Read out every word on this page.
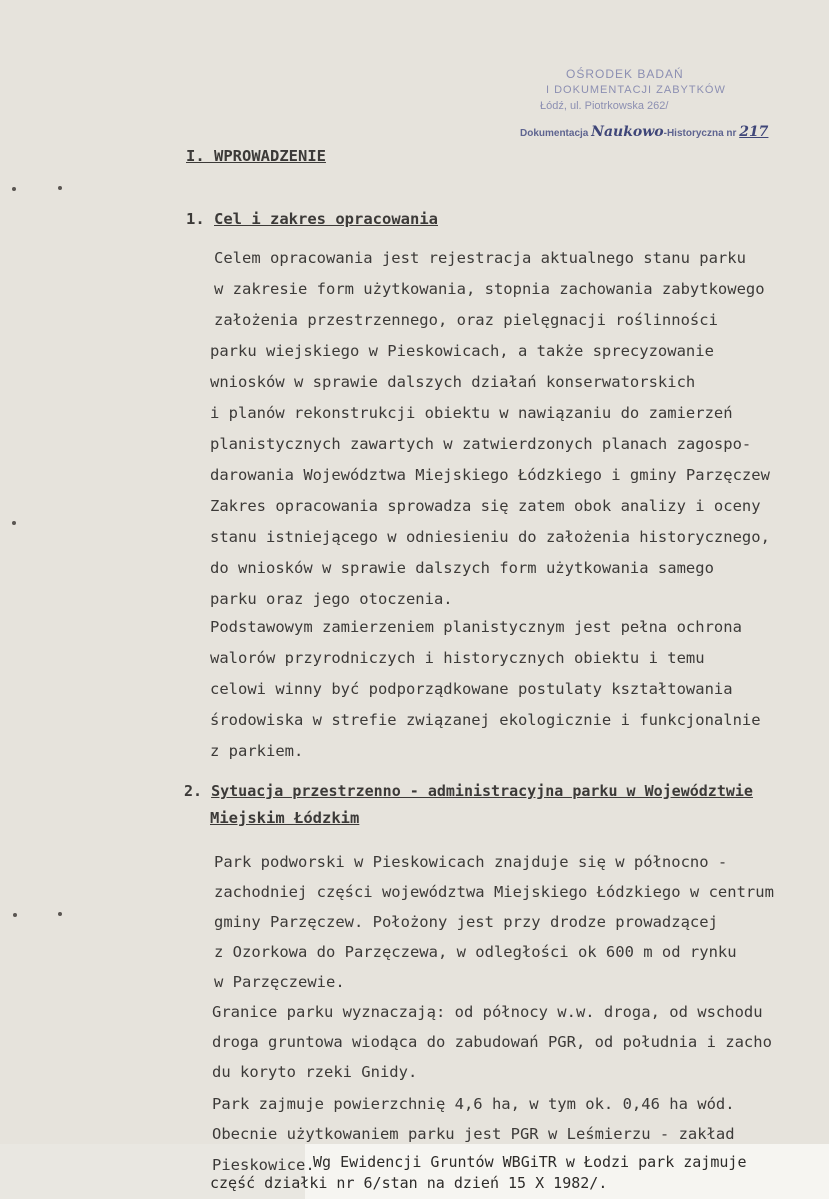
OŚRODEK BADAŃ
I DOKUMENTACJI ZABYTKÓW
Łódź, ul. Piotrkowska 262/
Dokumentacja Naukowo-Historyczna nr 217
I. WPROWADZENIE
1. Cel i zakres opracowania
Celem opracowania jest rejestracja aktualnego stanu parku
w zakresie form użytkowania, stopnia zachowania zabytkowego
założenia przestrzennego, oraz pielęgnacji roślinności
parku wiejskiego w Pieskowicach, a także sprecyzowanie
wniosków w sprawie dalszych działań konserwatorskich
i planów rekonstrukcji obiektu w nawiązaniu do zamierzeń
planistycznych zawartych w zatwierdzonych planach zagospo-
darowania Województwa Miejskiego Łódzkiego i gminy Parzęczew
Zakres opracowania sprowadza się zatem obok analizy i oceny
stanu istniejącego w odniesieniu do założenia historycznego,
do wniosków w sprawie dalszych form użytkowania samego
parku oraz jego otoczenia.
Podstawowym zamierzeniem planistycznym jest pełna ochrona
walorów przyrodniczych i historycznych obiektu i temu
celowi winny być podporządkowane postulaty kształtowania
środowiska w strefie związanej ekologicznie i funkcjonalnie
z parkiem.
2. Sytuacja przestrzenno - administracyjna parku w Województwie
Miejskim Łódzkim
Park podworski w Pieskowicach znajduje się w północno -
zachodniej części województwa Miejskiego Łódzkiego w centrum
gminy Parzęczew. Położony jest przy drodze prowadzącej
z Ozorkowa do Parzęczewa, w odległości ok 600 m od rynku
w Parzęczewie.
Granice parku wyznaczają: od północy w.w. droga, od wschodu
droga gruntowa wiodąca do zabudowań PGR, od południa i zacho
du koryto rzeki Gnidy.
Park zajmuje powierzchnię 4,6 ha, w tym ok. 0,46 ha wód.
Obecnie użytkowaniem parku jest PGR w Leśmierzu - zakład
Pieskowice.
Wg Ewidencji Gruntów WBGiTR w Łodzi park zajmuje
część działki nr 6/stan na dzień 15 X 1982/.
